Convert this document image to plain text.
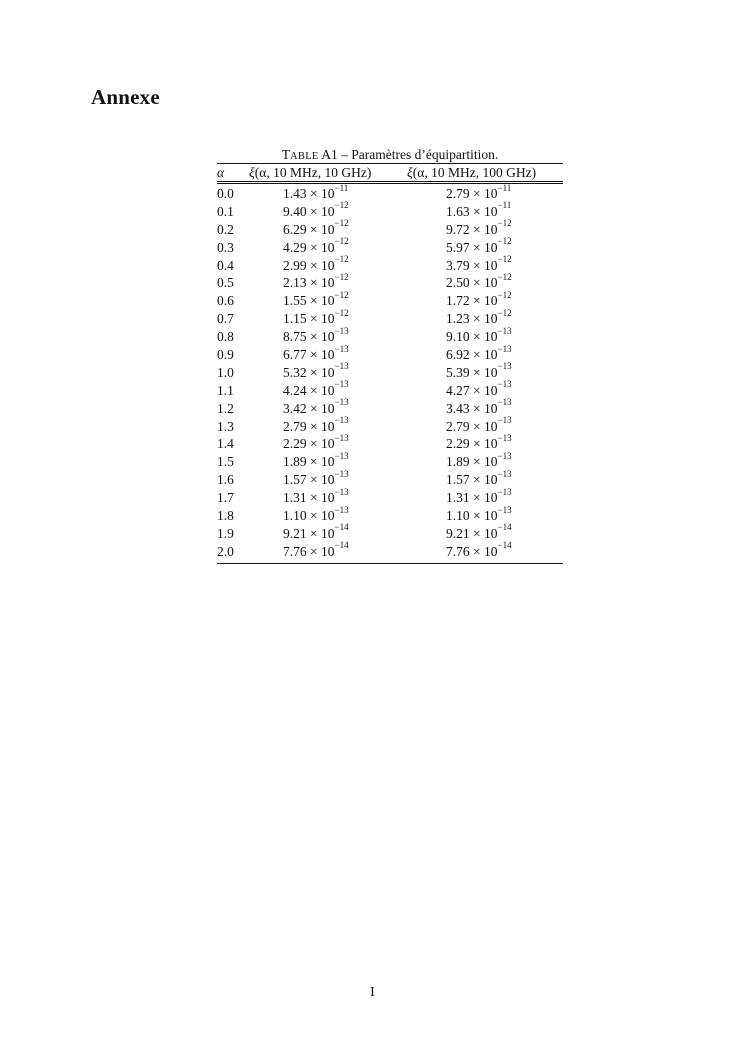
Annexe
TABLE A1 – Paramètres d’équipartition.
α	ξ(α, 10 MHz, 10 GHz)	ξ(α, 10 MHz, 100 GHz)
0.0	$1.43 \times 10^{-11}$	$2.79 \times 10^{-11}$
0.1	$9.40 \times 10^{-12}$	$1.63 \times 10^{-11}$
0.2	$6.29 \times 10^{-12}$	$9.72 \times 10^{-12}$
0.3	$4.29 \times 10^{-12}$	$5.97 \times 10^{-12}$
0.4	$2.99 \times 10^{-12}$	$3.79 \times 10^{-12}$
0.5	$2.13 \times 10^{-12}$	$2.50 \times 10^{-12}$
0.6	$1.55 \times 10^{-12}$	$1.72 \times 10^{-12}$
0.7	$1.15 \times 10^{-12}$	$1.23 \times 10^{-12}$
0.8	$8.75 \times 10^{-13}$	$9.10 \times 10^{-13}$
0.9	$6.77 \times 10^{-13}$	$6.92 \times 10^{-13}$
1.0	$5.32 \times 10^{-13}$	$5.39 \times 10^{-13}$
1.1	$4.24 \times 10^{-13}$	$4.27 \times 10^{-13}$
1.2	$3.42 \times 10^{-13}$	$3.43 \times 10^{-13}$
1.3	$2.79 \times 10^{-13}$	$2.79 \times 10^{-13}$
1.4	$2.29 \times 10^{-13}$	$2.29 \times 10^{-13}$
1.5	$1.89 \times 10^{-13}$	$1.89 \times 10^{-13}$
1.6	$1.57 \times 10^{-13}$	$1.57 \times 10^{-13}$
1.7	$1.31 \times 10^{-13}$	$1.31 \times 10^{-13}$
1.8	$1.10 \times 10^{-13}$	$1.10 \times 10^{-13}$
1.9	$9.21 \times 10^{-14}$	$9.21 \times 10^{-14}$
2.0	$7.76 \times 10^{-14}$	$7.76 \times 10^{-14}$
I
